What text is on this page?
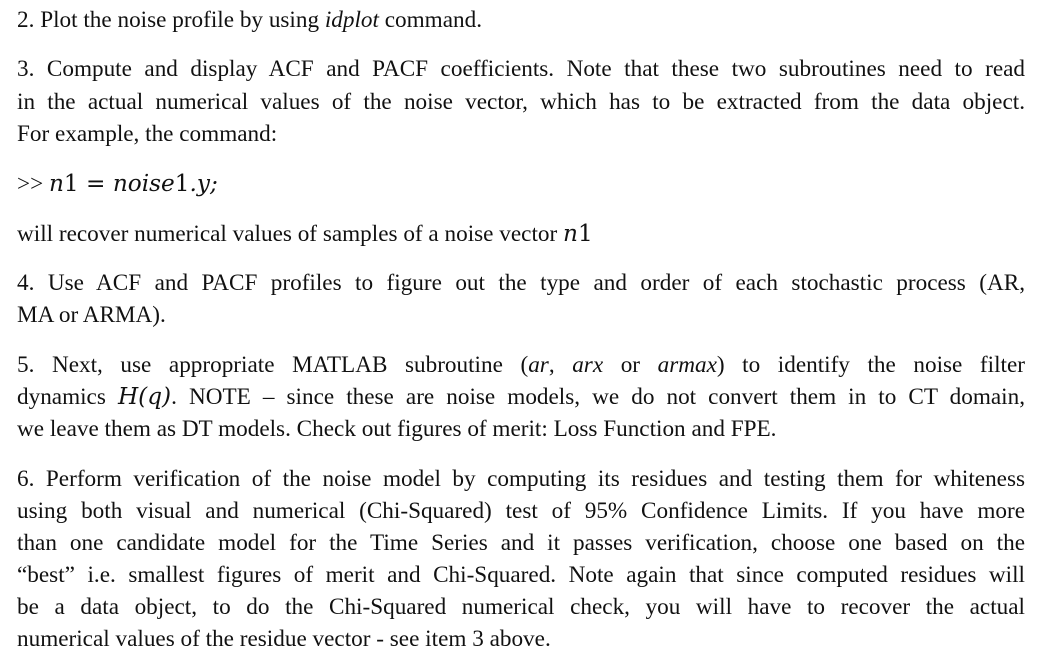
2. Plot the noise profile by using idplot command.
3. Compute and display ACF and PACF coefficients. Note that these two subroutines need to read
in the actual numerical values of the noise vector, which has to be extracted from the data object.
For example, the command:
>> n1 = noise1.y;
will recover numerical values of samples of a noise vector n1
4. Use ACF and PACF profiles to figure out the type and order of each stochastic process (AR,
MA or ARMA).
5. Next, use appropriate MATLAB subroutine (ar, arx or armax) to identify the noise filter
dynamics H(q). NOTE – since these are noise models, we do not convert them in to CT domain,
we leave them as DT models. Check out figures of merit: Loss Function and FPE.
6. Perform verification of the noise model by computing its residues and testing them for whiteness
using both visual and numerical (Chi-Squared) test of 95% Confidence Limits. If you have more
than one candidate model for the Time Series and it passes verification, choose one based on the
“best” i.e. smallest figures of merit and Chi-Squared. Note again that since computed residues will
be a data object, to do the Chi-Squared numerical check, you will have to recover the actual
numerical values of the residue vector - see item 3 above.
